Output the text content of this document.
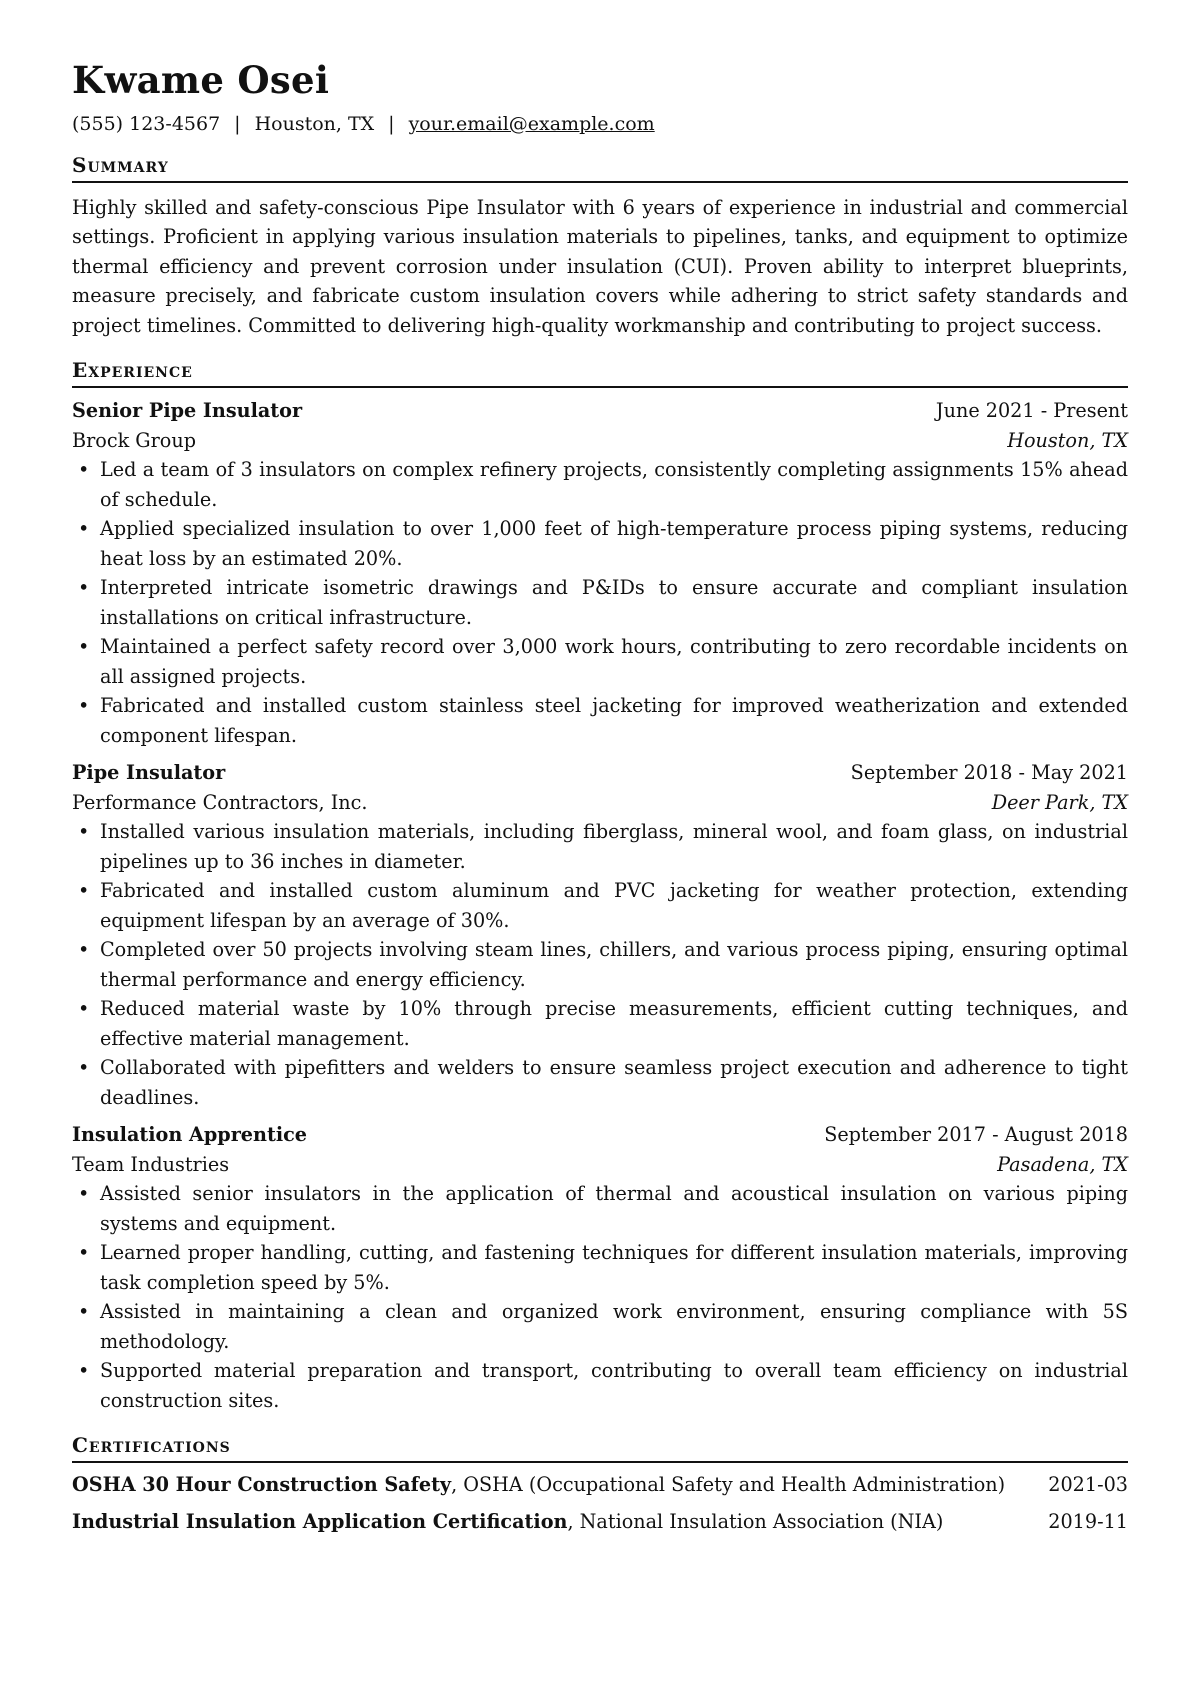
Kwame Osei
(555) 123-4567 | Houston, TX | your.email@example.com
Summary
Highly skilled and safety-conscious Pipe Insulator with 6 years of experience in industrial and commercial settings. Proficient in applying various insulation materials to pipelines, tanks, and equipment to optimize thermal efficiency and prevent corrosion under insulation (CUI). Proven ability to interpret blueprints, measure precisely, and fabricate custom insulation covers while adhering to strict safety standards and project timelines. Committed to delivering high-quality workmanship and contributing to project success.
Experience
Senior Pipe Insulator	June 2021 - Present
Brock Group	Houston, TX
• Led a team of 3 insulators on complex refinery projects, consistently completing assignments 15% ahead of schedule.
• Applied specialized insulation to over 1,000 feet of high-temperature process piping systems, reducing heat loss by an estimated 20%.
• Interpreted intricate isometric drawings and P&IDs to ensure accurate and compliant insulation installations on critical infrastructure.
• Maintained a perfect safety record over 3,000 work hours, contributing to zero recordable incidents on all assigned projects.
• Fabricated and installed custom stainless steel jacketing for improved weatherization and extended component lifespan.
Pipe Insulator	September 2018 - May 2021
Performance Contractors, Inc.	Deer Park, TX
• Installed various insulation materials, including fiberglass, mineral wool, and foam glass, on industrial pipelines up to 36 inches in diameter.
• Fabricated and installed custom aluminum and PVC jacketing for weather protection, extending equipment lifespan by an average of 30%.
• Completed over 50 projects involving steam lines, chillers, and various process piping, ensuring optimal thermal performance and energy efficiency.
• Reduced material waste by 10% through precise measurements, efficient cutting techniques, and effective material management.
• Collaborated with pipefitters and welders to ensure seamless project execution and adherence to tight deadlines.
Insulation Apprentice	September 2017 - August 2018
Team Industries	Pasadena, TX
• Assisted senior insulators in the application of thermal and acoustical insulation on various piping systems and equipment.
• Learned proper handling, cutting, and fastening techniques for different insulation materials, improving task completion speed by 5%.
• Assisted in maintaining a clean and organized work environment, ensuring compliance with 5S methodology.
• Supported material preparation and transport, contributing to overall team efficiency on industrial construction sites.
Certifications
OSHA 30 Hour Construction Safety, OSHA (Occupational Safety and Health Administration) 2021-03
Industrial Insulation Application Certification, National Insulation Association (NIA)	2019-11
